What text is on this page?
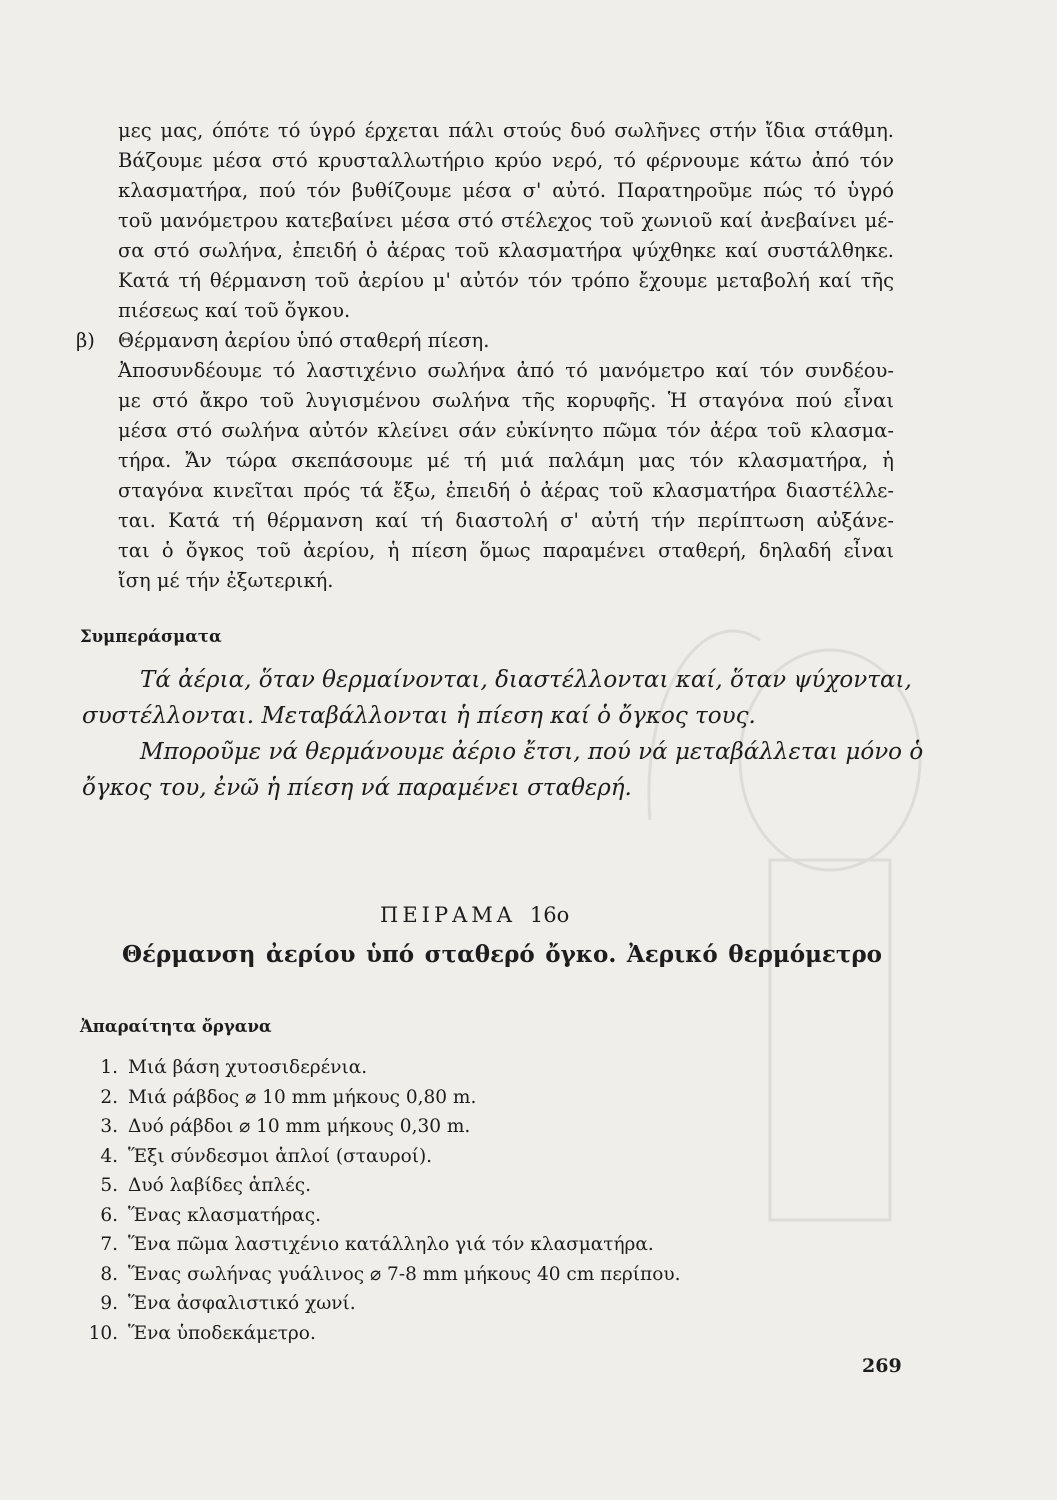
μες μας, όπότε τό ύγρό έρχεται πάλι στούς δυό σωλῆνες στήν ἴδια στάθμη.
Βάζουμε μέσα στό κρυσταλλωτήριο κρύο νερό, τό φέρνουμε κάτω ἀπό τόν
κλασματήρα, πού τόν βυθίζουμε μέσα σ' αὐτό. Παρατηροῦμε πώς τό ὑγρό
τοῦ μανόμετρου κατεβαίνει μέσα στό στέλεχος τοῦ χωνιοῦ καί ἀνεβαίνει μέ-
σα στό σωλήνα, ἐπειδή ὁ ἀέρας τοῦ κλασματήρα ψύχθηκε καί συστάλθηκε.
Κατά τή θέρμανση τοῦ ἀερίου μ' αὐτόν τόν τρόπο ἔχουμε μεταβολή καί τῆς
πιέσεως καί τοῦ ὄγκου.
β) Θέρμανση ἀερίου ὑπό σταθερή πίεση.
Ἀποσυνδέουμε τό λαστιχένιο σωλήνα ἀπό τό μανόμετρο καί τόν συνδέου-
με στό ἄκρο τοῦ λυγισμένου σωλήνα τῆς κορυφῆς. Ἡ σταγόνα πού εἶναι
μέσα στό σωλήνα αὐτόν κλείνει σάν εὐκίνητο πῶμα τόν ἀέρα τοῦ κλασμα-
τήρα. Ἄν τώρα σκεπάσουμε μέ τή μιά παλάμη μας τόν κλασματήρα, ἡ
σταγόνα κινεῖται πρός τά ἔξω, ἐπειδή ὁ ἀέρας τοῦ κλασματήρα διαστέλλε-
ται. Κατά τή θέρμανση καί τή διαστολή σ' αὐτή τήν περίπτωση αὐξάνε-
ται ὁ ὄγκος τοῦ ἀερίου, ἡ πίεση ὅμως παραμένει σταθερή, δηλαδή εἶναι
ἴση μέ τήν ἐξωτερική.
Συμπεράσματα
Τά ἀέρια, ὅταν θερμαίνονται, διαστέλλονται καί, ὅταν ψύχονται,
συστέλλονται. Μεταβάλλονται ἡ πίεση καί ὁ ὄγκος τους.
Μποροῦμε νά θερμάνουμε ἀέριο ἔτσι, πού νά μεταβάλλεται μόνο ὁ
ὄγκος του, ἐνῶ ἡ πίεση νά παραμένει σταθερή.
ΠΕΙΡΑΜΑ 16ο
Θέρμανση ἀερίου ὑπό σταθερό ὄγκο. Ἀερικό θερμόμετρο
Ἀπαραίτητα ὄργανα
1. Μιά βάση χυτοσιδερένια.
2. Μιά ράβδος ⌀ 10 mm μήκους 0,80 m.
3. Δυό ράβδοι ⌀ 10 mm μήκους 0,30 m.
4. Ἕξι σύνδεσμοι ἁπλοί (σταυροί).
5. Δυό λαβίδες ἁπλές.
6. Ἕνας κλασματήρας.
7. Ἕνα πῶμα λαστιχένιο κατάλληλο γιά τόν κλασματήρα.
8. Ἕνας σωλήνας γυάλινος ⌀ 7-8 mm μήκους 40 cm περίπου.
9. Ἕνα ἀσφαλιστικό χωνί.
10. Ἕνα ὑποδεκάμετρο.
269
